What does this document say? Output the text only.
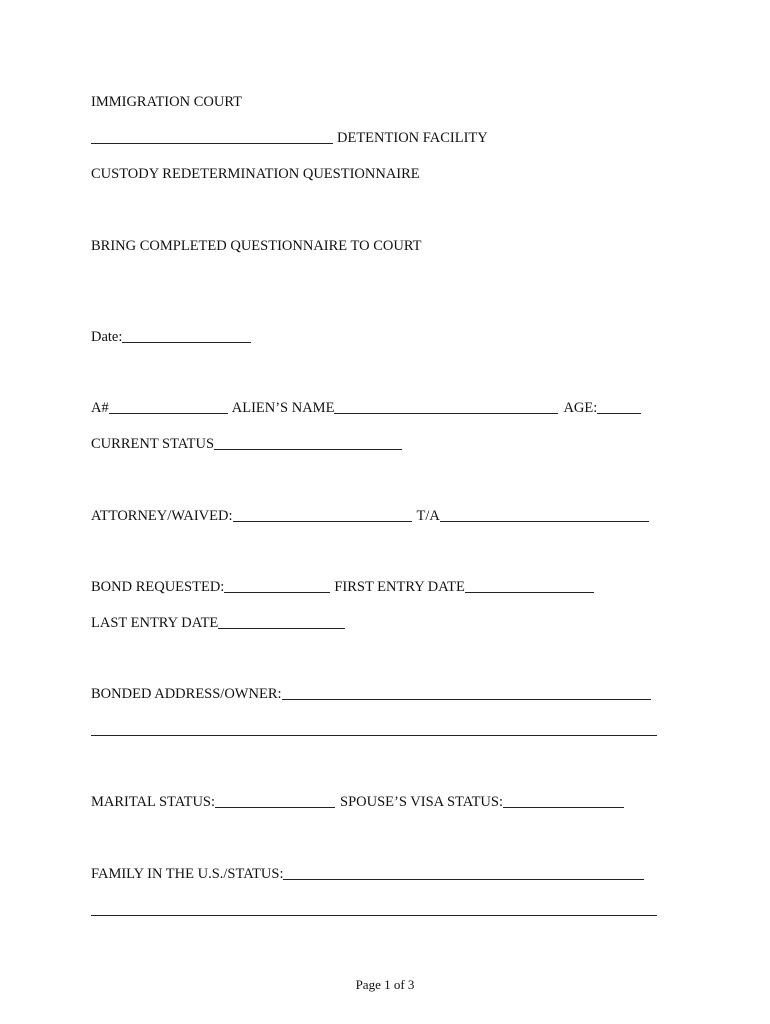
IMMIGRATION COURT
DETENTION FACILITY
CUSTODY REDETERMINATION QUESTIONNAIRE
BRING COMPLETED QUESTIONNAIRE TO COURT
Date:
A#	ALIEN’S NAME	AGE:
CURRENT STATUS
ATTORNEY/WAIVED:	T/A
BOND REQUESTED:	FIRST ENTRY DATE
LAST ENTRY DATE
BONDED ADDRESS/OWNER:
MARITAL STATUS:	SPOUSE’S VISA STATUS:
FAMILY IN THE U.S./STATUS:
Page 1 of 3
